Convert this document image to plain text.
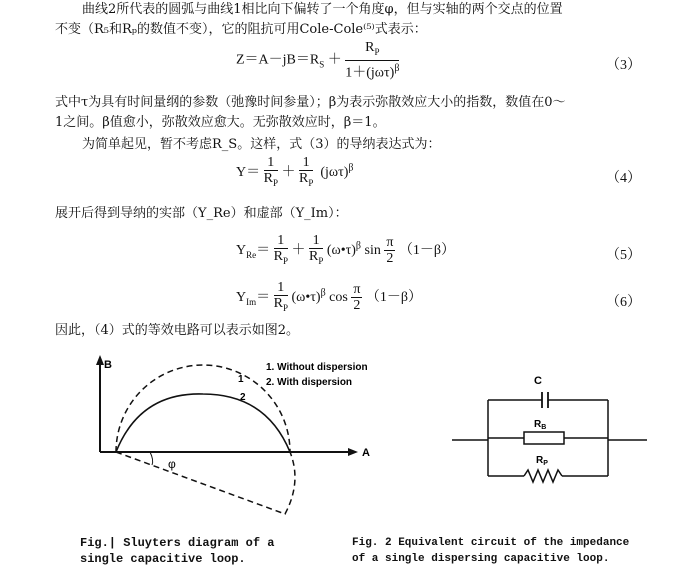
曲线2所代表的圆弧与曲线1相比向下偏转了一个角度φ，但与实轴的两个交点的位置
不变（R₅和Rₚ的数值不变），它的阻抗可用Cole-Cole⁽⁵⁾式表示：
$Z=A-jB=R_S + \frac{R_P}{1+(j\omega\tau)^\beta}$	（3）
式中τ为具有时间量纲的参数（弛豫时间参量）；β为表示弥散效应大小的指数，数值在0～
1之间。β值愈小，弥散效应愈大。无弥散效应时，β＝1。
为简单起见，暂不考虑R_S。这样，式（3）的导纳表达式为：
$Y= \frac{1}{R_P} + \frac{1}{R_P} (j\omega\tau)^\beta$
（4）
展开后得到导纳的实部（Y_Re）和虚部（Y_Im）：
$Y_{Re}= \frac{1}{R_P} + \frac{1}{R_P}$ (ω•τ)$^\beta$ $\sin \frac{\pi}{2} (1-\beta)$	（5）
$Y_{Im}= \frac{1}{R_P}$ (ω•τ)$^\beta$ $\cos \frac{\pi}{2} (1-\beta)$	（6）
因此，（4）式的等效电路可以表示如图2。
B
A
φ
1
2
1. Without dispersion
2. With dispersion	C
$R_B$
$R_P$
Fig.| Sluyters diagram of a
single capacitive loop.
Fig. 2 Equivalent circuit of the impedance
of a single dispersing capacitive loop.
